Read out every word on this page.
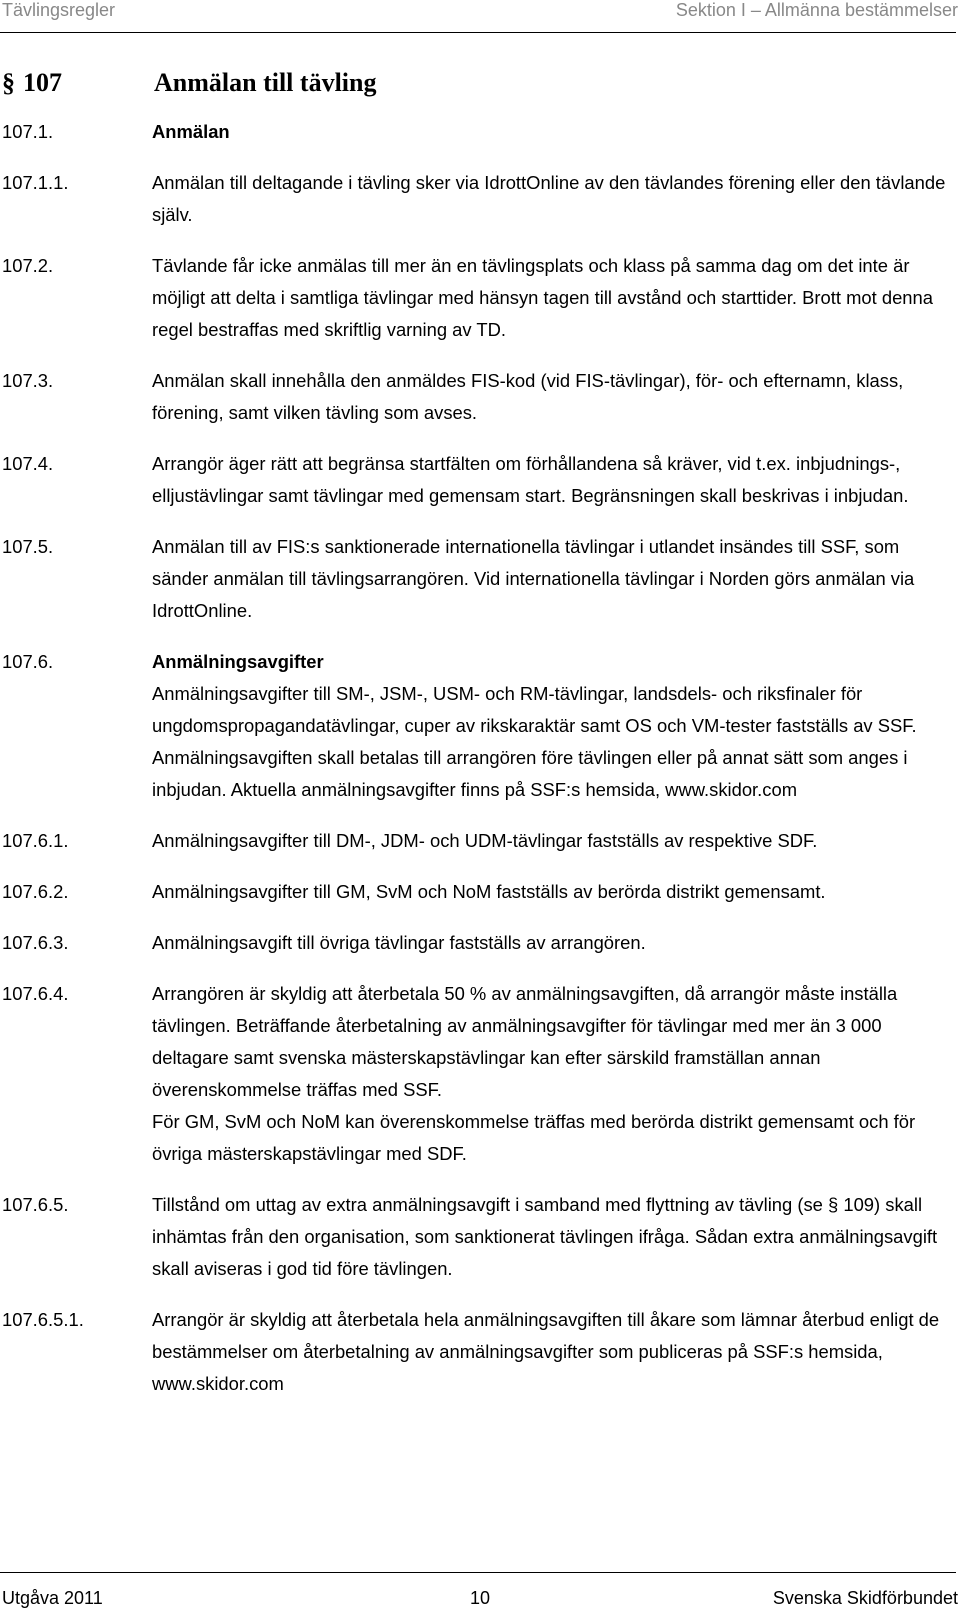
Tävlingsregler	Sektion I – Allmänna bestämmelser
§ 107	Anmälan till tävling
107.1.	Anmälan
107.1.1.	Anmälan till deltagande i tävling sker via IdrottOnline av den tävlandes förening eller den tävlande själv.
107.2.	Tävlande får icke anmälas till mer än en tävlingsplats och klass på samma dag om det inte är möjligt att delta i samtliga tävlingar med hänsyn tagen till avstånd och starttider. Brott mot denna regel bestraffas med skriftlig varning av TD.
107.3.	Anmälan skall innehålla den anmäldes FIS-kod (vid FIS-tävlingar), för- och efternamn, klass, förening, samt vilken tävling som avses.
107.4.	Arrangör äger rätt att begränsa startfälten om förhållandena så kräver, vid t.ex. inbjudnings-, elljustävlingar samt tävlingar med gemensam start. Begränsningen skall beskrivas i inbjudan.
107.5.	Anmälan till av FIS:s sanktionerade internationella tävlingar i utlandet insändes till SSF, som sänder anmälan till tävlingsarrangören. Vid internationella tävlingar i Norden görs anmälan via IdrottOnline.
107.6.	Anmälningsavgifter
Anmälningsavgifter till SM-, JSM-, USM- och RM-tävlingar, landsdels- och riksfinaler för ungdomspropagandatävlingar, cuper av rikskaraktär samt OS och VM-tester fastställs av SSF. Anmälningsavgiften skall betalas till arrangören före tävlingen eller på annat sätt som anges i inbjudan. Aktuella anmälningsavgifter finns på SSF:s hemsida, www.skidor.com
107.6.1.	Anmälningsavgifter till DM-, JDM- och UDM-tävlingar fastställs av respektive SDF.
107.6.2.	Anmälningsavgifter till GM, SvM och NoM fastställs av berörda distrikt gemensamt.
107.6.3.	Anmälningsavgift till övriga tävlingar fastställs av arrangören.
107.6.4.	Arrangören är skyldig att återbetala 50 % av anmälningsavgiften, då arrangör måste inställa tävlingen. Beträffande återbetalning av anmälningsavgifter för tävlingar med mer än 3 000 deltagare samt svenska mästerskapstävlingar kan efter särskild framställan annan överenskommelse träffas med SSF.
För GM, SvM och NoM kan överenskommelse träffas med berörda distrikt gemensamt och för övriga mästerskapstävlingar med SDF.
107.6.5.	Tillstånd om uttag av extra anmälningsavgift i samband med flyttning av tävling (se § 109) skall inhämtas från den organisation, som sanktionerat tävlingen ifråga. Sådan extra anmälningsavgift skall aviseras i god tid före tävlingen.
107.6.5.1.	Arrangör är skyldig att återbetala hela anmälningsavgiften till åkare som lämnar återbud enligt de bestämmelser om återbetalning av anmälningsavgifter som publiceras på SSF:s hemsida, www.skidor.com
Utgåva 2011	10	Svenska Skidförbundet
